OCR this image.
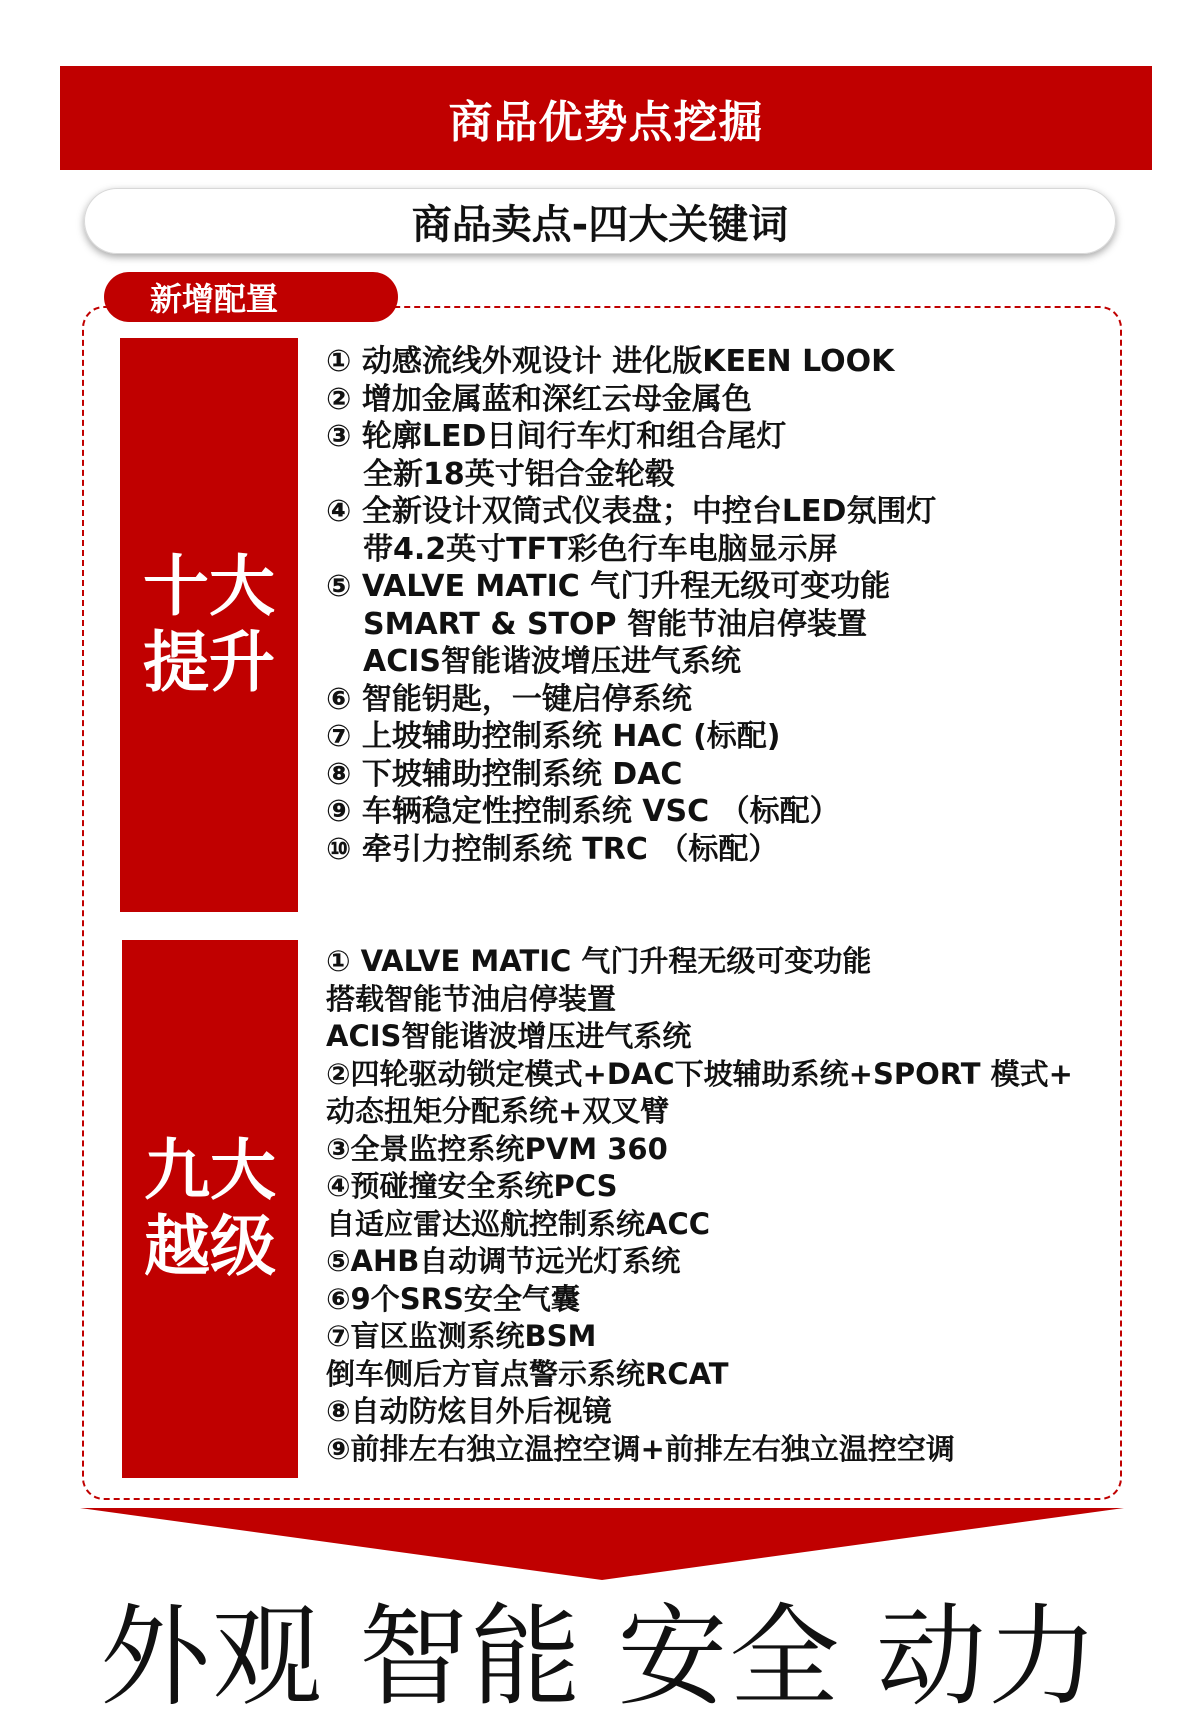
商品优势点挖掘
商品卖点-四大关键词
新增配置
十大
提升
① 动感流线外观设计 进化版KEEN LOOK
② 增加金属蓝和深红云母金属色
③ 轮廓LED日间行车灯和组合尾灯
全新18英寸铝合金轮毂
④ 全新设计双筒式仪表盘；中控台LED氛围灯
带4.2英寸TFT彩色行车电脑显示屏
⑤ VALVE MATIC 气门升程无级可变功能
SMART & STOP 智能节油启停装置
ACIS智能谐波增压进气系统
⑥ 智能钥匙，一键启停系统
⑦ 上坡辅助控制系统 HAC (标配)
⑧ 下坡辅助控制系统 DAC
⑨ 车辆稳定性控制系统 VSC （标配）
⑩ 牵引力控制系统 TRC （标配）
九大
越级
① VALVE MATIC 气门升程无级可变功能
搭载智能节油启停装置
ACIS智能谐波增压进气系统
②四轮驱动锁定模式+DAC下坡辅助系统+SPORT 模式+
动态扭矩分配系统+双叉臂
③全景监控系统PVM 360
④预碰撞安全系统PCS
自适应雷达巡航控制系统ACC
⑤AHB自动调节远光灯系统
⑥9个SRS安全气囊
⑦盲区监测系统BSM
倒车侧后方盲点警示系统RCAT
⑧自动防炫目外后视镜
⑨前排左右独立温控空调+前排左右独立温控空调
外观 智能 安全 动力
